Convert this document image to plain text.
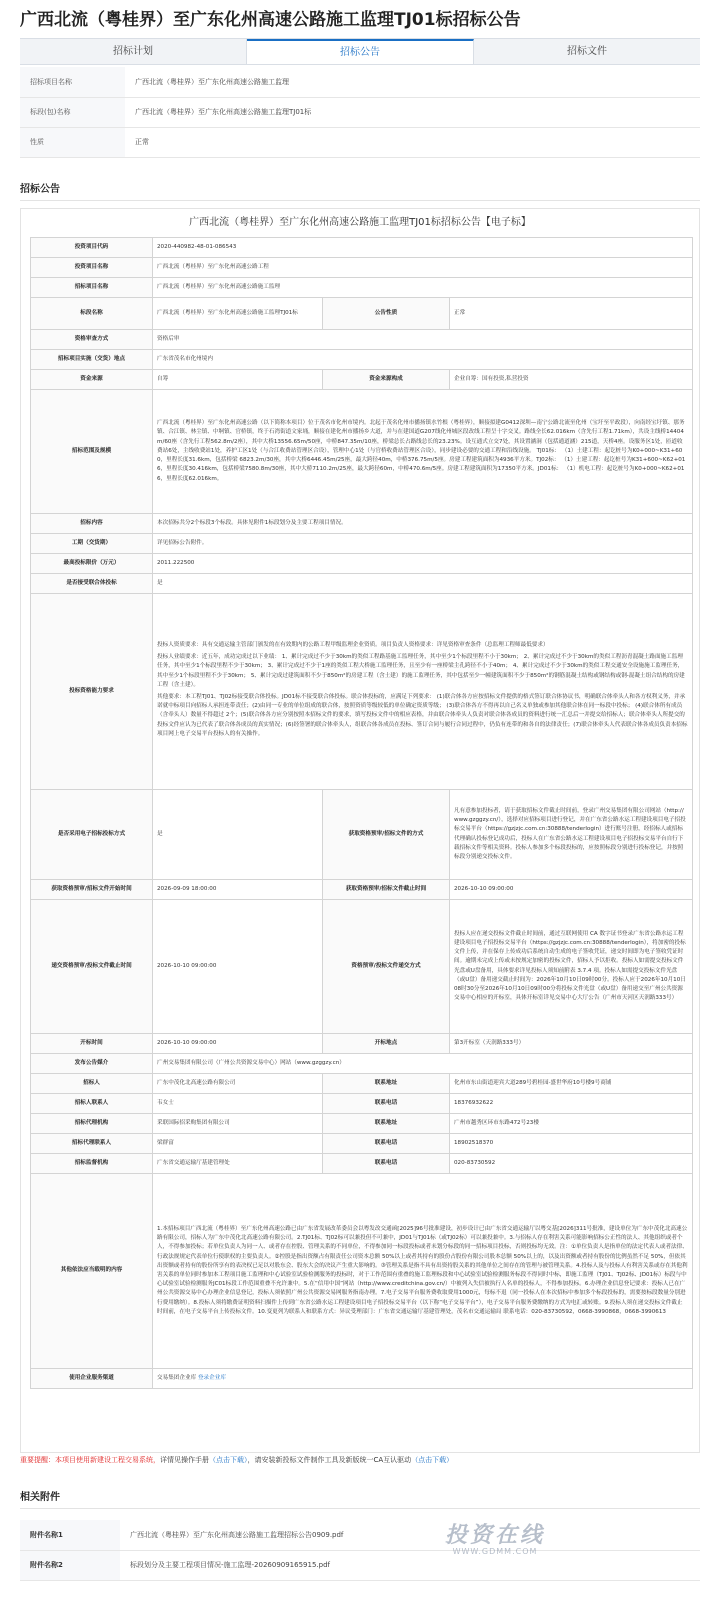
广西北流（粤桂界）至广东化州高速公路施工监理TJ01标招标公告
招标计划	招标公告	招标文件
招标项目名称	广西北流（粤桂界）至广东化州高速公路施工监理
标段(包)名称	广西北流（粤桂界）至广东化州高速公路施工监理TJ01标
性质	正常
招标公告
广西北流（粤桂界）至广东化州高速公路施工监理TJ01标招标公告【电子标】
投资项目代码	2020-440982-48-01-086543		
投资项目名称	广西北流（粤桂界）至广东化州高速公路工程		
招标项目名称	广西北流（粤桂界）至广东化州高速公路施工监理		
标段名称	广西北流（粤桂界）至广东化州高速公路施工监理TJ01标	公告性质	正常
资格审查方式	资格后审		
招标项目实施（交货）地点	广东省茂名市化州境内		
资金来源	自筹	资金来源构成	企业自筹：国有投资,私营投资
招标范围及规模	广西北流（粤桂界）至广东化州高速公路（以下简称本项目）位于茂名市化州市境内。北起于茂名化州市播扬镇水竹根（粤桂界），顺接拟建G0412深圳—南宁公路北流至化州（宝圩至平政段），向南经宝圩镇、那务镇、合江镇、林尘镇、中垌镇、官桥镇，终于石湾街道文家埇，顺接在建化州市播扬乡大道，并与在建国道G207线化州城区段改线工程呈十字交叉。路线全长62.016km（含先行工程1.71km），共设主线桥14404m/60座（含先行工程562.8m/2座），其中大桥13556.65m/50座，中桥847.35m/10座，桥梁总长占路线总长的23.23%。设互通式立交7处，其设置涵洞（包括通道涵）215道，天桥4座。设服务区1处，匝道收费站6处，主线收费站1处，养护工区1处（与合江收费站管理区合设），管理中心1处（与官桥收费站管理区合设），同步建设必要的交通工程和沿线设施。 TJ01标： （1）土建工程：起讫桩号为K0+000~K31+600，里程长度31.6km，包括桥梁 6823.2m/30座，其中大桥6446.45m/25座，最大跨径40m，中桥376.75m/5座。房建工程建筑面积为4936平方米。TJ02标： （1）土建工程：起讫桩号为K31+600~K62+016，里程长度30.416km，包括桥梁7580.8m/30座，其中大桥7110.2m/25座，最大跨径60m，中桥470.6m/5座。房建工程建筑面积为17350平方米。JD01标： （1）机电工程：起讫桩号为K0+000~K62+016，里程长度62.016km。		
招标内容	本次招标共分2个标段3个标段。具体见附件1标段划分及主要工程项目情况。		
工期（交货期）	详见招标公告附件。		
最高投标限价（万元）	2011.222500		
是否接受联合体投标	是		
投标资格能力要求	投标人资质要求：具有交通运输主管部门颁发的在有效期内的公路工程甲级监理企业资质。项目负责人资格要求：详见资格审查条件（总监理工程师最低要求）

投标人业绩要求：近五年，成功完成过以下业绩： 1、累计完成过不少于30km的类似工程路基施工监理任务，其中至少1个标段里程不小于30km； 2、累计完成过不少于30km的类似工程沥青混凝土路面施工监理任务，其中至少1个标段里程不少于30km； 3、累计完成过不少于1座的类似工程大桥施工监理任务，且至少有一座桥梁主孔跨径不小于40m； 4、累计完成过不少于30km的类似工程交通安全设施施工监理任务，其中至少1个标段里程不少于30km； 5、累计完成过建筑面积不少于850m²的房建工程（含土建）的施工监理任务，其中包括至少一幢建筑面积不少于850m²的钢筋混凝土结构或钢结构或钢-混凝土组合结构的房建工程（含土建）。

其他要求：本工程TJ01、TJ02标接受联合体投标。JD01标不接受联合体投标。联合体投标的，应满足下列要求： (1)联合体各方应按招标文件提供的格式签订联合体协议书，明确联合体牵头人和各方权利义务，并承诺就中标项目向招标人承担连带责任；(2)由同一专业的单位组成的联合体，按照资质等级较低的单位确定资质等级； (3)联合体各方不得再以自己名义单独或参加其他联合体在同一标段中投标； (4)联合体所有成员（含牵头人）数量不得超过 2个；(5)联合体各方应分别按照本招标文件的要求，填写投标文件中的相应表格，并由联合体牵头人负责对联合体各成员的资料进行统一汇总后一并提交给招标人；联合体牵头人所提交的投标文件应认为已代表了联合体各成员的真实情况；(6)经签署的联合体牵头人，组联合体各成员在投标、签订合同与履行合同过程中，仍负有连带的和各自的法律责任；(7)联合体牵头人代表联合体各成员负责本招标项目网上电子交易平台投标人的有关操作。		

是否采用电子招标投标方式	是	获取资格预审/招标文件的方式	凡有意参加投标者，请于获取招标文件截止时间前，登录广州交易集团有限公司网站（http://www.gzggzy.cn/），选择对应招标项目进行登记，并在广东省公路水运工程建设项目电子招投标交易平台（https://gzjzjc.com.cn:30888/tenderlogin）进行账号注册，经招标人或招标代理确认投标登记成功后，投标人在广东省公路水运工程建设项目电子招投标交易平台自行下载招标文件等相关资料。投标人参加多个标段投标的，应按照标段分别进行投标登记，并按照标段分别递交投标文件。
获取资格预审/招标文件开始时间	2026-09-09 18:00:00	获取资格预审/招标文件截止时间	2026-10-10 09:00:00
递交资格预审/投标文件截止时间	2026-10-10 09:00:00	资格预审/投标文件递交方式	投标人应在递交投标文件截止时间前，通过互联网使用 CA 数字证书登录广东省公路水运工程建设项目电子招投标交易平台（https://gzjzjc.com.cn:30888/tenderlogin），将加密的投标文件上传，并在保存上传成功后系统自动生成的电子签收凭证，递交时间即为电子签收凭证时间。逾期未完成上传或未按规定加密的投标文件，招标人予以拒收。投标人如需提交投标文件光盘或U盘备用，具体要求详见投标人须知前附表 3.7.4 项。投标人如需提交投标文件光盘（或U盘）备用递交截止时间为：2026年10月10日09时00分。投标人应于2026年10月10日08时30分至2026年10月10日09时00分将投标文件光盘（或U盘）备用递交至广州公共资源交易中心相应的开标室，具体开标室详见交易中心大厅公告（广州市天河区天润路333号）
开标时间	2026-10-10 09:00:00	开标地点	第3开标室（天润路333号）
发布公告媒介	广州交易集团有限公司（广州公共资源交易中心）网站（www.gzggzy.cn）		
招标人	广东中茂化北高速公路有限公司	联系地址	化州市东山街道迎宾大道289号碧桂园·盛世华府10号楼9号商铺
招标人联系人	韦女士	联系电话	18376932622
招标代理机构	采联国际招采购集团有限公司	联系地址	广州市越秀区环市东路472号23楼
招标代理联系人	梁群富	联系电话	18902518370
招标监督机构	广东省交通运输厅基建管理处	联系电话	020-83730592
其他依法应当载明的内容	1.本招标项目广西北流（粤桂界）至广东化州高速公路已由广东省发展改革委员会以粤发改交通函[2025]96号批准建设，初步设计已由广东省交通运输厅以粤交基[2026]311号批准，建设单位为广东中茂化北高速公路有限公司，招标人为广东中茂化北高速公路有限公司。2.TJ01标、TJ02标可以兼投但不可兼中，JD01与TJ01标（或TJ02标）可以兼投兼中。3.与招标人存在利害关系可能影响招标公正性的法人、其他组织或者个人，不得参加投标；若单位负责人为同一人、或者存在控股、管理关系的不同单位，不得参加同一标段投标或者未划分标段的同一招标项目投标，否则投标均无效。注：①单位负责人是指单位的法定代表人或者法律、行政法规规定代表单位行使职权的主要负责人。②控股是指出资额占有限责任公司资本总额 50%以上或者其持有的股份占股份有限公司股本总额 50%以上的，以及出资额或者持有股份的比例虽然不足 50%，但依其出资额或者持有的股份所享有的表决权已足以对股东会、股东大会的决议产生重大影响的。③管理关系是指不具有出资持股关系的其他单位之间存在的管理与被管理关系。4.投标人及与投标人有利害关系或存在其他利害关系的单位同时参加本工程项目施工监理和中心试验室试验检测服务的投标时，对于工作范围有重叠的施工监理标段和中心试验室试验检测服务标段不得同时中标，即施工监理（TJ01、TJ02标、JD01标）标段与中心试验室试验检测服务JC01标段工作范围重叠不允许兼中。5.在“信用中国”网站（http://www.creditchina.gov.cn/）中被列入失信被执行人名单的投标人，不得参加投标。6.办理企业信息登记要求：投标人已在广州公共资源交易中心办理企业信息登记，投标人须依照广州公共资源交易网服务指南办理。7.电子交易平台服务费收取费用1000元，每标不退（同一投标人在本次招标中参加多个标段投标的，需要按标段数量分别进行费用缴纳）。8.投标人须将缴费证明资料扫描件上传到广东省公路水运工程建设项目电子招投标交易平台（以下称“电子交易平台”），电子交易平台服务费缴纳的方式为电汇或转账。9.投标人须在递交投标文件截止时间前，在电子交易平台上传投标文件。10.变更列为联系人和联系方式：异议受理部门：广东省交通运输厅基建管理处，茂名市交通运输局 联系电话：020-83730592，0668-3990868，0668-3990613		
使用企业服务渠道	交易集团企业库 登录企业库		
重要提醒：本项目使用新建设工程交易系统，详情见操作手册（点击下载），请安装新投标文件制作工具及新版统一CA互认驱动（点击下载）
相关附件
附件名称1	广西北流（粤桂界）至广东化州高速公路施工监理招标公告0909.pdf
附件名称2	标段划分及主要工程项目情况-施工监理-20260909165915.pdf
投资在线
WWW.GDMM.COM
